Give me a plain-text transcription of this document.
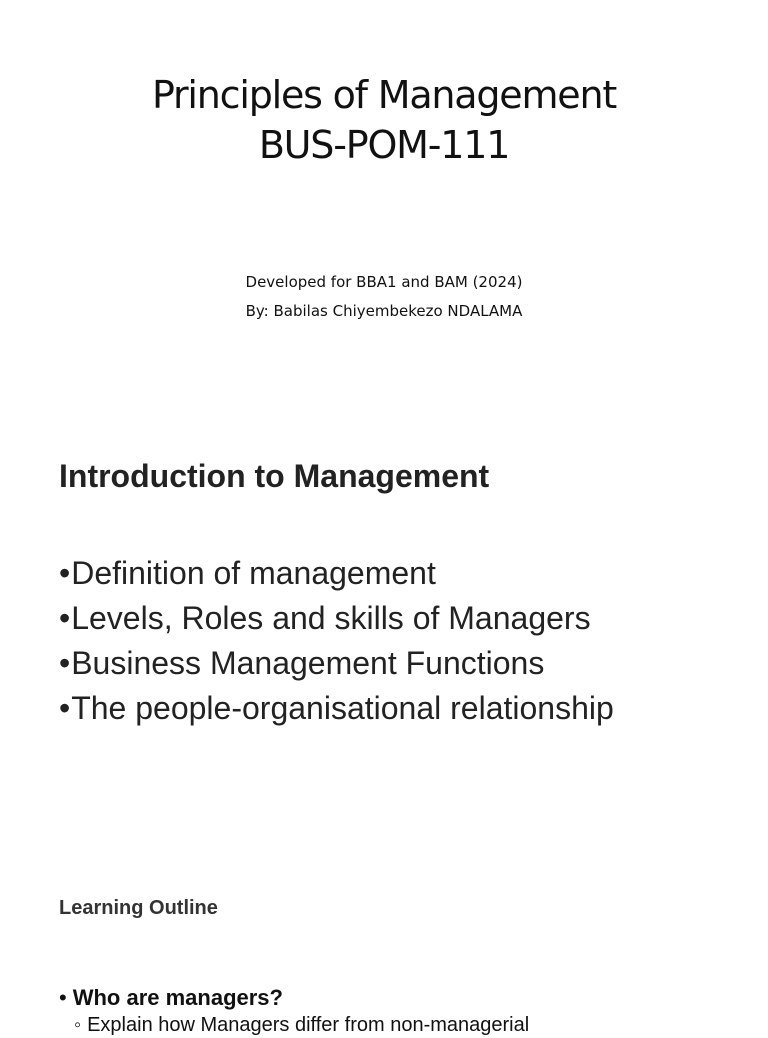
Principles of Management
BUS-POM-111
Developed for BBA1 and BAM (2024)
By: Babilas Chiyembekezo NDALAMA
Introduction to Management
•Definition of management
•Levels, Roles and skills of Managers
•Business Management Functions
•The people-organisational relationship
Learning Outline
• Who are managers?
◦ Explain how Managers differ from non-managerial
